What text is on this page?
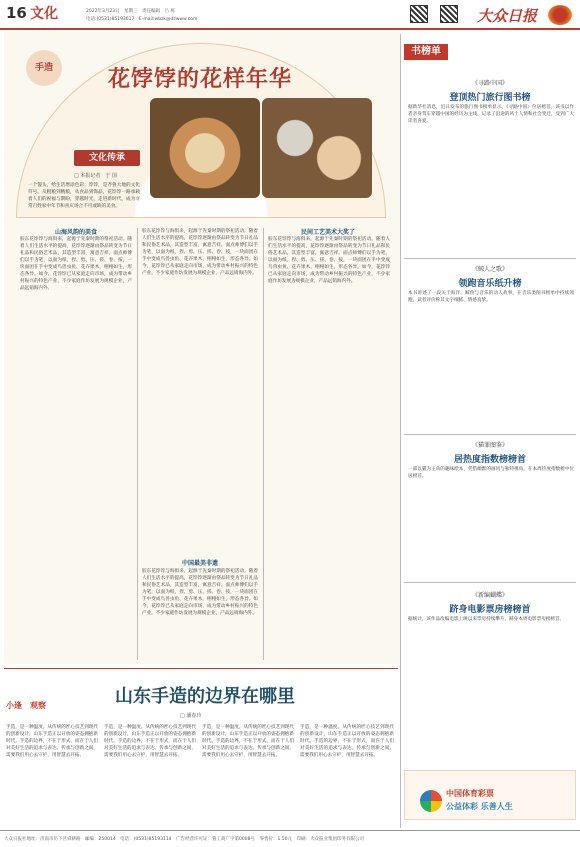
16 文化	2022年3月23日　星期三　责任编辑　吕 栎
电话:(0531)85193617　E-mail:wbzk@dzwww.com	大众日报
手造	花饽饽的花样年华
文化传承
□ 本报记者　于 国
一个馒头，给生活增添色彩；饽饽，是齐鲁大地的文化符号。从粗粮到精粮，从食品到饰品，花饽饽一路承载着人们的祝福与期盼，穿越时光，走进新时代，成为寻常百姓家中年节和喜庆场合不可或缺的美食。
山海风韵的美食
胶东花饽饽与海俱来，起源于先秦时期的祭祀活动。随着人们生活水平的提高，花饽饽逐渐由祭品转变为节日礼品和民俗艺术品，其造型丰富，寓意吉祥。面点师傅们以手为笔，以面为纸，捏、剪、压、搓、卷、按，一块面团在手中变成鸟兽虫鱼、花卉果木，栩栩如生，形态各异。如今，花饽饽已从家庭走向市场，成为带动乡村振兴的特色产业，不少家庭作坊发展为规模企业，产品远销海内外。
胶东花饽饽与海俱来，起源于先秦时期的祭祀活动。随着人们生活水平的提高，花饽饽逐渐由祭品转变为节日礼品和民俗艺术品，其造型丰富，寓意吉祥。面点师傅们以手为笔，以面为纸，捏、剪、压、搓、卷、按，一块面团在手中变成鸟兽虫鱼、花卉果木，栩栩如生，形态各异。如今，花饽饽已从家庭走向市场，成为带动乡村振兴的特色产业，不少家庭作坊发展为规模企业，产品远销海内外。
中国最美非遗
胶东花饽饽与海俱来，起源于先秦时期的祭祀活动。随着人们生活水平的提高，花饽饽逐渐由祭品转变为节日礼品和民俗艺术品，其造型丰富，寓意吉祥。面点师傅们以手为笔，以面为纸，捏、剪、压、搓、卷、按，一块面团在手中变成鸟兽虫鱼、花卉果木，栩栩如生，形态各异。如今，花饽饽已从家庭走向市场，成为带动乡村振兴的特色产业，不少家庭作坊发展为规模企业，产品远销海内外。
民间工艺美术大奖了
胶东花饽饽与海俱来，起源于先秦时期的祭祀活动。随着人们生活水平的提高，花饽饽逐渐由祭品转变为节日礼品和民俗艺术品，其造型丰富，寓意吉祥。面点师傅们以手为笔，以面为纸，捏、剪、压、搓、卷、按，一块面团在手中变成鸟兽虫鱼、花卉果木，栩栩如生，形态各异。如今，花饽饽已从家庭走向市场，成为带动乡村振兴的特色产业，不少家庭作坊发展为规模企业，产品远销海内外。
书榜单
《寻路中国》
登顶热门旅行图书榜
据新华社消息，近日发布的旅行图书榜单显示，《寻路中国》位居榜首。该书以作者亲身驾车穿越中国的经历为主线，记录了沿途的风土人情和社会变迁，受到广大读者喜爱。
《鲸人之歌》
领跑音乐纸升榜
本书讲述了一段关于海洋、鲸鱼与音乐的动人故事，在音乐类图书榜单中持续领跑，读者评价称其文字细腻、情感真挚。
《猫罪图鉴》
居热度指数榜榜首
一部以猫为主角的趣味绘本，凭借幽默的画风与独特视角，在本周热度指数榜中位居榜首。
《新编蝴蝶》
跻身电影票房榜榜首
据统计，该作品改编电影上映以来票房持续攀升，跻身本周电影票房榜榜首。
中国体育彩票
公益体彩 乐善人生
山东手造的边界在哪里
小逢　观察
□ 潘春玲
手造，是一种温度。从传统的匠心技艺到现代的创新设计，山东手造正以开放的姿态拥抱新时代。手造的边界，不在于形式，而在于人们对美好生活的追求与表达。传承与创新之间，需要我们用心去守护，用智慧去开拓。
手造，是一种温度。从传统的匠心技艺到现代的创新设计，山东手造正以开放的姿态拥抱新时代。手造的边界，不在于形式，而在于人们对美好生活的追求与表达。传承与创新之间，需要我们用心去守护，用智慧去开拓。
手造，是一种温度。从传统的匠心技艺到现代的创新设计，山东手造正以开放的姿态拥抱新时代。手造的边界，不在于形式，而在于人们对美好生活的追求与表达。传承与创新之间，需要我们用心去守护，用智慧去开拓。
手造，是一种温度。从传统的匠心技艺到现代的创新设计，山东手造正以开放的姿态拥抱新时代。手造的边界，不在于形式，而在于人们对美好生活的追求与表达。传承与创新之间，需要我们用心去守护，用智慧去开拓。
大众日报社地址：济南市历下区舜耕路　邮编：250014　电话：(0531)85193114　广告经营许可证：鲁工商广字第0008号　零售价：1.50元　印刷：大众报业集团印务有限公司
